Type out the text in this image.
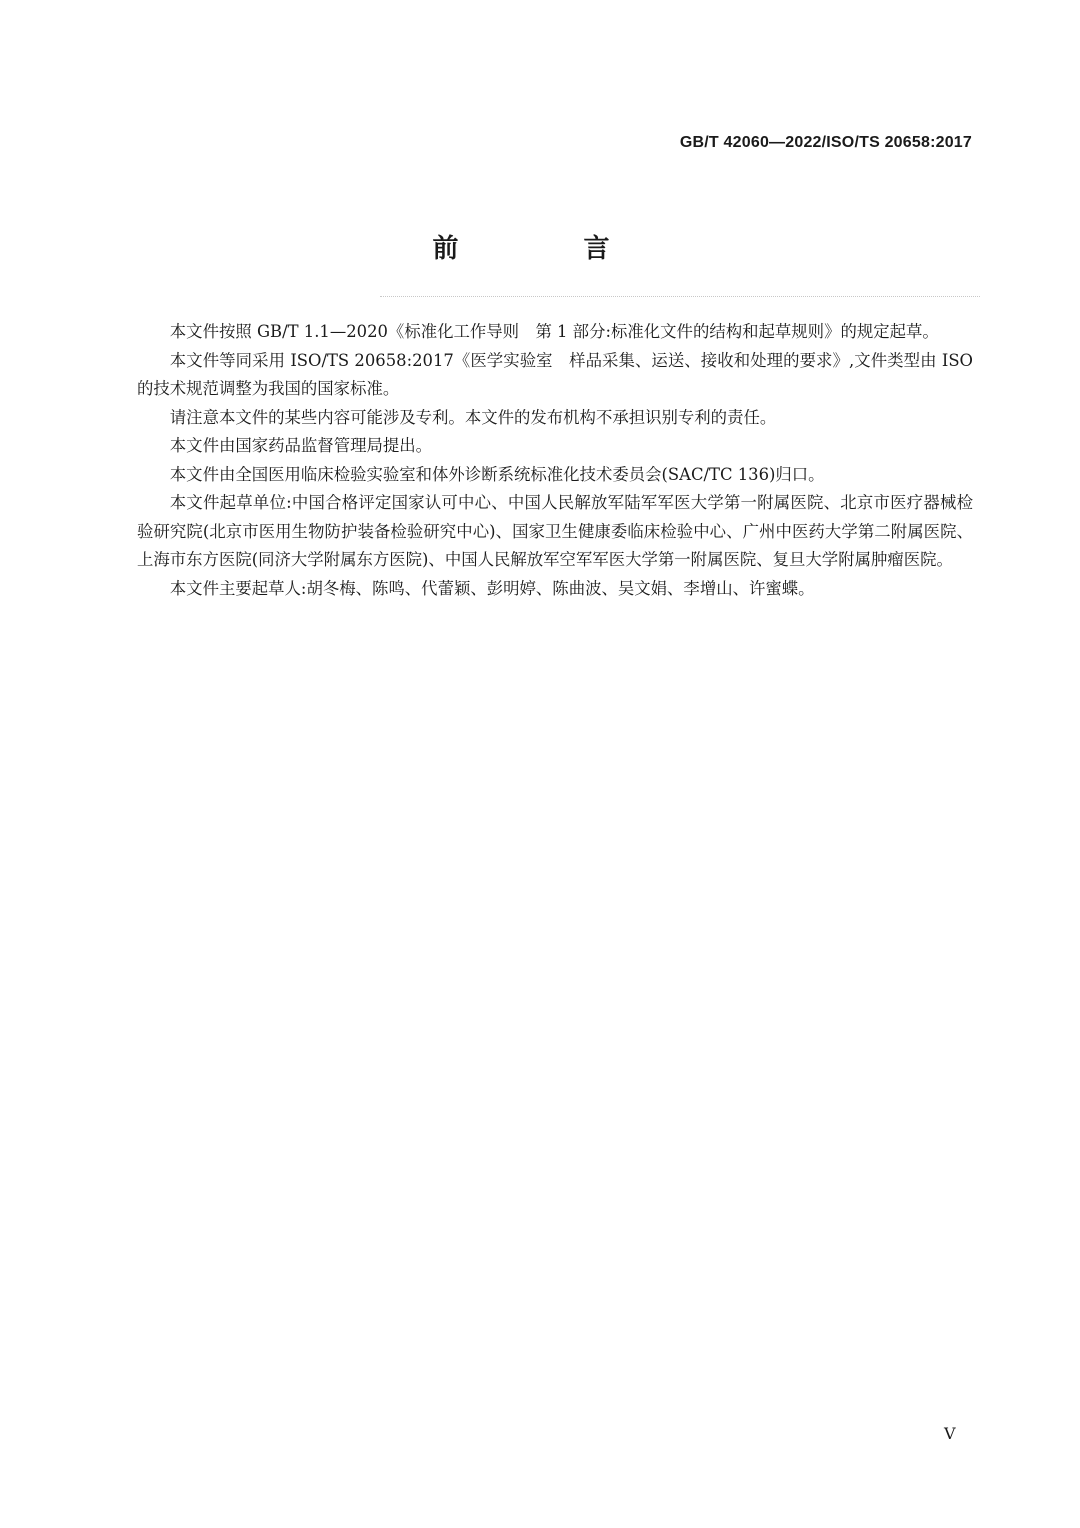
GB/T 42060—2022/ISO/TS 20658:2017
前 言

本文件按照 GB/T 1.1—2020《标准化工作导则　第 1 部分:标准化文件的结构和起草规则》的规定起草。

本文件等同采用 ISO/TS 20658:2017《医学实验室　样品采集、运送、接收和处理的要求》,文件类型由 ISO 的技术规范调整为我国的国家标准。

请注意本文件的某些内容可能涉及专利。本文件的发布机构不承担识别专利的责任。

本文件由国家药品监督管理局提出。

本文件由全国医用临床检验实验室和体外诊断系统标准化技术委员会(SAC/TC 136)归口。

本文件起草单位:中国合格评定国家认可中心、中国人民解放军陆军军医大学第一附属医院、北京市医疗器械检验研究院(北京市医用生物防护装备检验研究中心)、国家卫生健康委临床检验中心、广州中医药大学第二附属医院、上海市东方医院(同济大学附属东方医院)、中国人民解放军空军军医大学第一附属医院、复旦大学附属肿瘤医院。

本文件主要起草人:胡冬梅、陈鸣、代蕾颖、彭明婷、陈曲波、吴文娟、李增山、许蜜蝶。

V
